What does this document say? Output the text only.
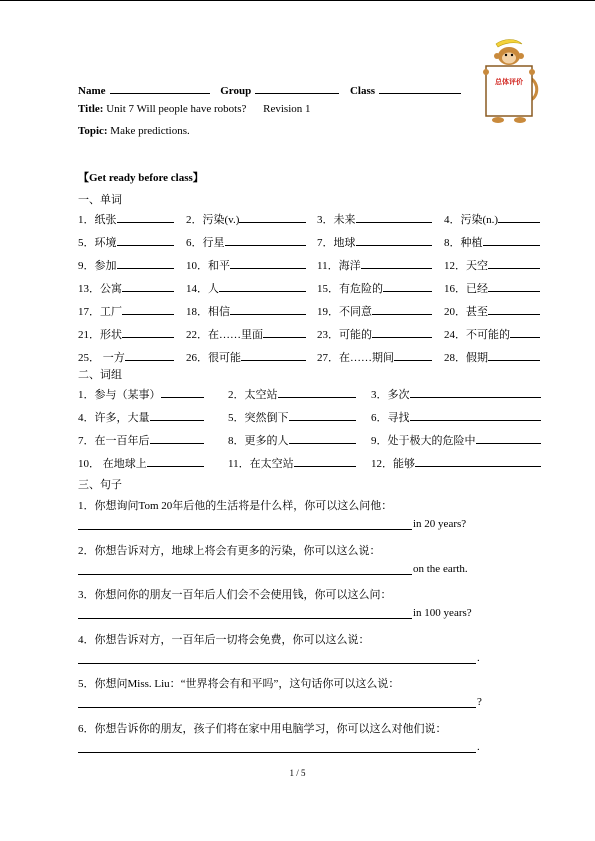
总体评价
Name	Group	Class
Title: Unit 7 Will people have robots? Revision 1
Topic: Make predictions.
【Get ready before class】
一、单词
1．纸张	2．污染(v.)	3．未来	4．污染(n.)
5．环境	6．行星	7．地球	8．种植
9．参加	10．和平	11．海洋	12．天空
13．公寓	14．人	15．有危险的	16．已经
17．工厂	18．相信	19．不同意	20．甚至
21．形状	22．在……里面	23．可能的	24．不可能的
25． 一方	26．很可能	27．在……期间	28．假期
二、词组
1．参与（某事）	2．太空站	3．多次
4．许多，大量	5．突然倒下	6．寻找
7．在一百年后	8．更多的人	9．处于极大的危险中
10． 在地球上	11．在太空站	12．能够
三、句子
1．你想询问Tom 20年后他的生活将是什么样，你可以这么问他：
in 20 years?
2．你想告诉对方，地球上将会有更多的污染，你可以这么说：
on the earth.
3．你想问你的朋友一百年后人们会不会使用钱，你可以这么问：
in 100 years?
4．你想告诉对方，一百年后一切将会免费，你可以这么说：
.
5．你想问Miss. Liu：“世界将会有和平吗”，这句话你可以这么说：
?
6．你想告诉你的朋友，孩子们将在家中用电脑学习，你可以这么对他们说：
.
1 / 5
